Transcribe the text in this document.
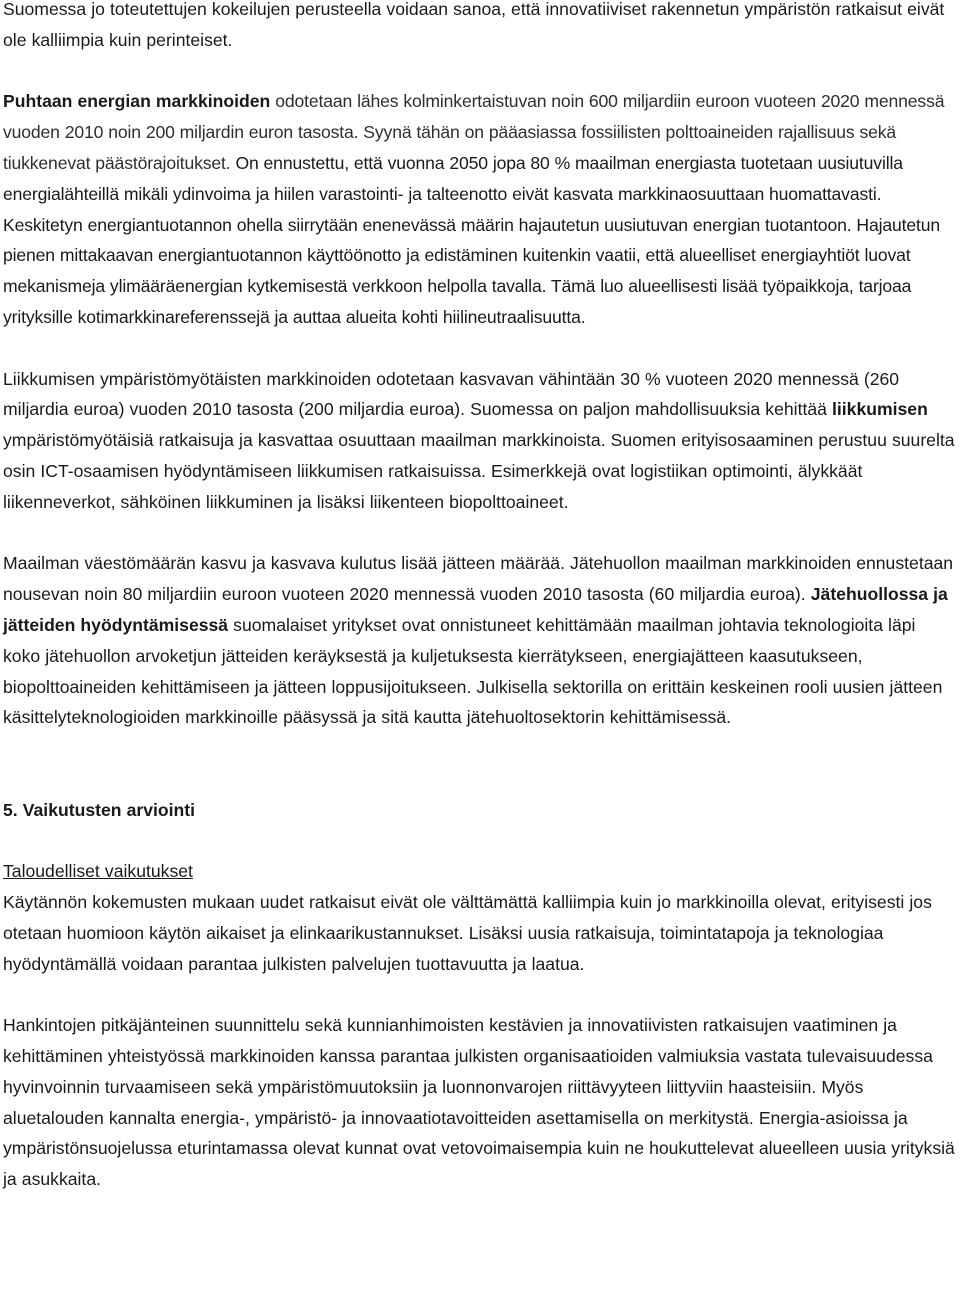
Suomessa jo toteutettujen kokeilujen perusteella voidaan sanoa, että innovatiiviset rakennetun ympäristön ratkaisut eivät ole kalliimpia kuin perinteiset.

Puhtaan energian markkinoiden odotetaan lähes kolminkertaistuvan noin 600 miljardiin euroon vuoteen 2020 mennessä vuoden 2010 noin 200 miljardin euron tasosta. Syynä tähän on pääasiassa fossiilisten polttoaineiden rajallisuus sekä tiukkenevat päästörajoitukset. On ennustettu, että vuonna 2050 jopa 80 % maailman energiasta tuotetaan uusiutuvilla energialähteillä mikäli ydinvoima ja hiilen varastointi- ja talteenotto eivät kasvata markkinaosuuttaan huomattavasti. Keskitetyn energiantuotannon ohella siirrytään enenevässä määrin hajautetun uusiutuvan energian tuotantoon. Hajautetun pienen mittakaavan energiantuotannon käyttöönotto ja edistäminen kuitenkin vaatii, että alueelliset energiayhtiöt luovat mekanismeja ylimääräenergian kytkemisestä verkkoon helpolla tavalla. Tämä luo alueellisesti lisää työpaikkoja, tarjoaa yrityksille kotimarkkinareferenssejä ja auttaa alueita kohti hiilineutraalisuutta.

Liikkumisen ympäristömyötäisten markkinoiden odotetaan kasvavan vähintään 30 % vuoteen 2020 mennessä (260 miljardia euroa) vuoden 2010 tasosta (200 miljardia euroa). Suomessa on paljon mahdollisuuksia kehittää liikkumisen ympäristömyötäisiä ratkaisuja ja kasvattaa osuuttaan maailman markkinoista. Suomen erityisosaaminen perustuu suurelta osin ICT-osaamisen hyödyntämiseen liikkumisen ratkaisuissa. Esimerkkejä ovat logistiikan optimointi, älykkäät liikenneverkot, sähköinen liikkuminen ja lisäksi liikenteen biopolttoaineet.

Maailman väestömäärän kasvu ja kasvava kulutus lisää jätteen määrää. Jätehuollon maailman markkinoiden ennustetaan nousevan noin 80 miljardiin euroon vuoteen 2020 mennessä vuoden 2010 tasosta (60 miljardia euroa). Jätehuollossa ja jätteiden hyödyntämisessä suomalaiset yritykset ovat onnistuneet kehittämään maailman johtavia teknologioita läpi koko jätehuollon arvoketjun jätteiden keräyksestä ja kuljetuksesta kierrätykseen, energiajätteen kaasutukseen, biopolttoaineiden kehittämiseen ja jätteen loppusijoitukseen. Julkisella sektorilla on erittäin keskeinen rooli uusien jätteen käsittelyteknologioiden markkinoille pääsyssä ja sitä kautta jätehuoltosektorin kehittämisessä.

5. Vaikutusten arviointi

Taloudelliset vaikutukset

Käytännön kokemusten mukaan uudet ratkaisut eivät ole välttämättä kalliimpia kuin jo markkinoilla olevat, erityisesti jos otetaan huomioon käytön aikaiset ja elinkaarikustannukset. Lisäksi uusia ratkaisuja, toimintatapoja ja teknologiaa hyödyntämällä voidaan parantaa julkisten palvelujen tuottavuutta ja laatua.

Hankintojen pitkäjänteinen suunnittelu sekä kunnianhimoisten kestävien ja innovatiivisten ratkaisujen vaatiminen ja kehittäminen yhteistyössä markkinoiden kanssa parantaa julkisten organisaatioiden valmiuksia vastata tulevaisuudessa hyvinvoinnin turvaamiseen sekä ympäristömuutoksiin ja luonnonvarojen riittävyyteen liittyviin haasteisiin. Myös aluetalouden kannalta energia-, ympäristö- ja innovaatiotavoitteiden asettamisella on merkitystä. Energia-asioissa ja ympäristönsuojelussa eturintamassa olevat kunnat ovat vetovoimaisempia kuin ne houkuttelevat alueelleen uusia yrityksiä ja asukkaita.
